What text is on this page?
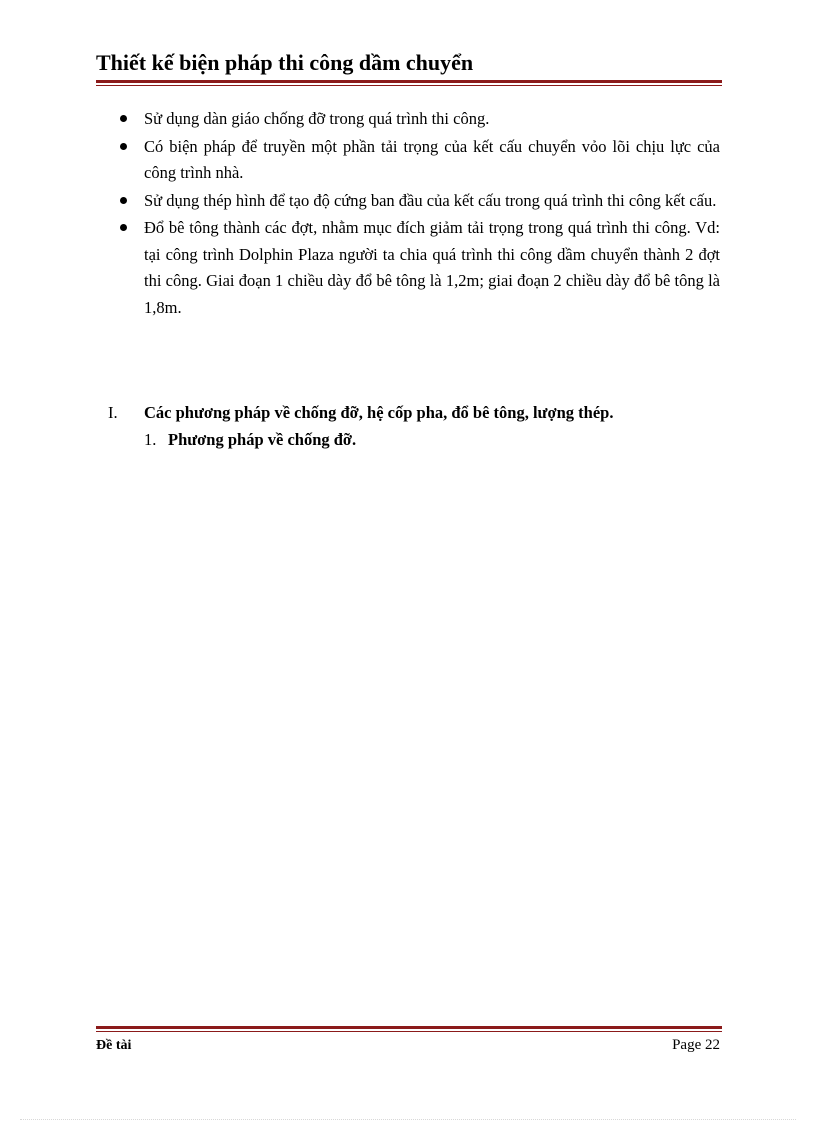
Thiết kế biện pháp thi công dầm chuyển
Sử dụng dàn giáo chống đỡ trong quá trình thi công.
Có biện pháp để truyền một phần tải trọng của kết cấu chuyển vỏo lõi chịu lực của công trình nhà.
Sử dụng thép hình để tạo độ cứng ban đầu của kết cấu trong quá trình thi công kết cấu.
Đổ bê tông thành các đợt, nhằm mục đích giảm tải trọng trong quá trình thi công. Vd: tại công trình Dolphin Plaza người ta chia quá trình thi công dầm chuyển thành 2 đợt thi công. Giai đoạn 1 chiều dày đổ bê tông là 1,2m; giai đoạn 2 chiều dày đổ bê tông là 1,8m.
I. Các phương pháp về chống đỡ, hệ cốp pha, đổ bê tông, lượng thép.
1. Phương pháp về chống đỡ.
Đề tài	Page 22
